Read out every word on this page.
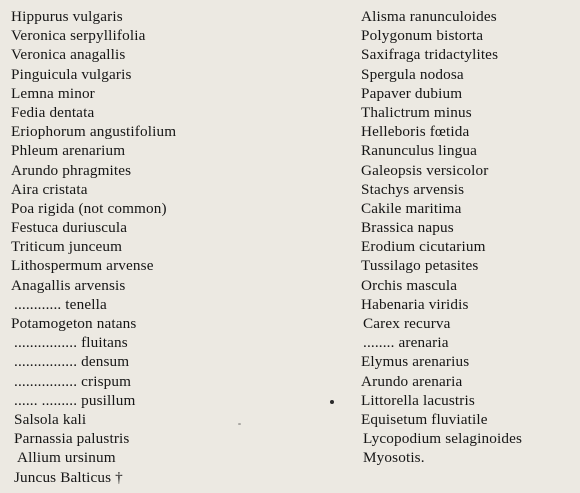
Hippurus vulgaris
Veronica serpyllifolia
Veronica anagallis
Pinguicula vulgaris
Lemna minor
Fedia dentata
Eriophorum angustifolium
Phleum arenarium
Arundo phragmites
Aira cristata
Poa rigida (not common)
Festuca duriuscula
Triticum junceum
Lithospermum arvense
Anagallis arvensis
............ tenella
Potamogeton natans
................ fluitans
................ densum
................ crispum
...... ......... pusillum
Salsola kali
Parnassia palustris
Allium ursinum
Juncus Balticus †
Alisma ranunculoides
Polygonum bistorta
Saxifraga tridactylites
Spergula nodosa
Papaver dubium
Thalictrum minus
Helleboris fœtida
Ranunculus lingua
Galeopsis versicolor
Stachys arvensis
Cakile maritima
Brassica napus
Erodium cicutarium
Tussilago petasites
Orchis mascula
Habenaria viridis
Carex recurva
........ arenaria
Elymus arenarius
Arundo arenaria
Littorella lacustris
Equisetum fluviatile
Lycopodium selaginoides
Myosotis.
